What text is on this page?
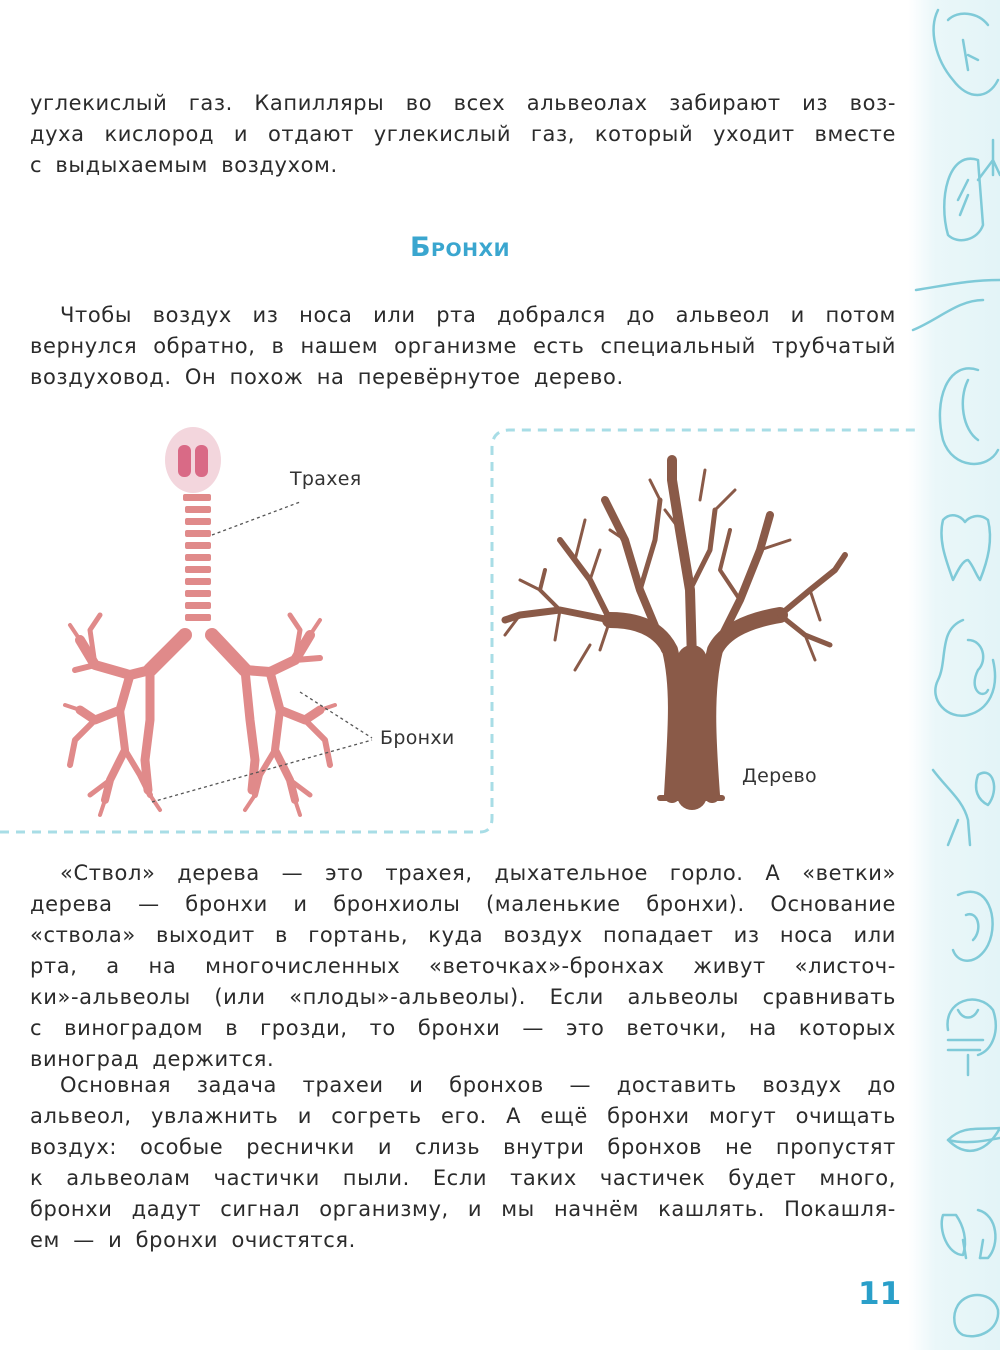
углекислый газ. Капилляры во всех альвеолах забирают из воз-
духа кислород и отдают углекислый газ, который уходит вместе
с выдыхаемым воздухом.
Бронхи
Чтобы воздух из носа или рта добрался до альвеол и потом
вернулся обратно, в нашем организме есть специальный трубчатый
воздуховод. Он похож на перевёрнутое дерево.
Трахея
Бронхи
Дерево
«Ствол» дерева — это трахея, дыхательное горло. А «ветки»
дерева — бронхи и бронхиолы (маленькие бронхи). Основание
«ствола» выходит в гортань, куда воздух попадает из носа или
рта, а на многочисленных «веточках»-бронхах живут «листоч-
ки»-альвеолы (или «плоды»-альвеолы). Если альвеолы сравнивать
с виноградом в грозди, то бронхи — это веточки, на которых
виноград держится.
Основная задача трахеи и бронхов — доставить воздух до
альвеол, увлажнить и согреть его. А ещё бронхи могут очищать
воздух: особые реснички и слизь внутри бронхов не пропустят
к альвеолам частички пыли. Если таких частичек будет много,
бронхи дадут сигнал организму, и мы начнём кашлять. Покашля-
ем — и бронхи очистятся.
11
